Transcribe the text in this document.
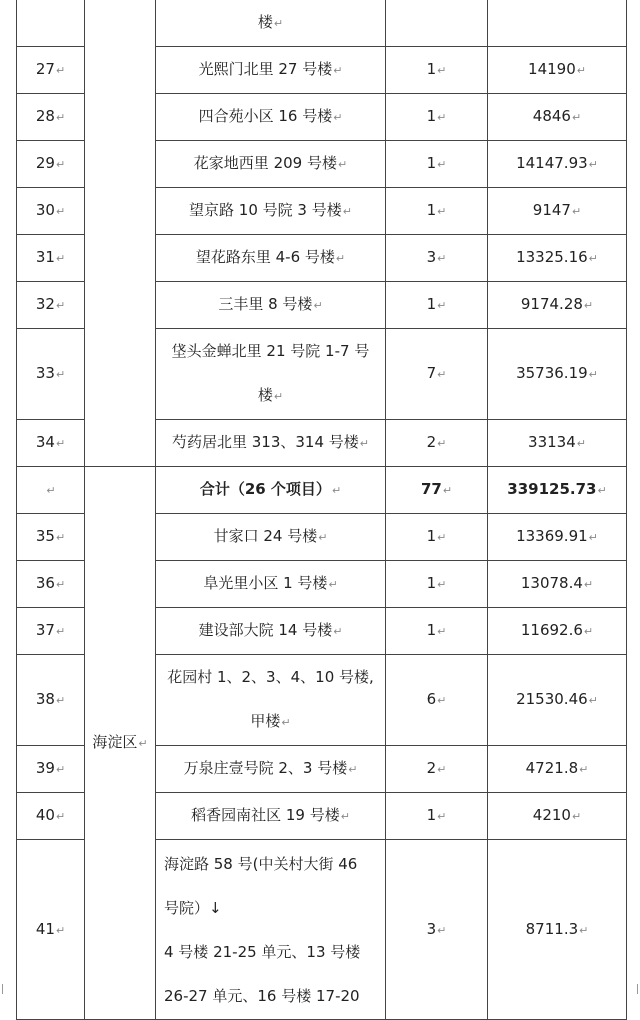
		楼↵		
27↵		光熙门北里 27 号楼↵	1↵	14190↵
28↵		四合苑小区 16 号楼↵	1↵	4846↵
29↵		花家地西里 209 号楼↵	1↵	14147.93↵
30↵		望京路 10 号院 3 号楼↵	1↵	9147↵
31↵		望花路东里 4-6 号楼↵	3↵	13325.16↵
32↵		三丰里 8 号楼↵	1↵	9174.28↵
33↵		垡头金蝉北里 21 号院 1-7 号
楼↵	7↵	35736.19↵
34↵		芍药居北里 313、314 号楼↵	2↵	33134↵
↵	海淀区↵	合计（26 个项目）↵	77↵	339125.73↵
35↵		甘家口 24 号楼↵	1↵	13369.91↵
36↵		阜光里小区 1 号楼↵	1↵	13078.4↵
37↵		建设部大院 14 号楼↵	1↵	11692.6↵
38↵		花园村 1、2、3、4、10 号楼,
甲楼↵	6↵	21530.46↵
39↵		万泉庄壹号院 2、3 号楼↵	2↵	4721.8↵
40↵		稻香园南社区 19 号楼↵	1↵	4210↵
41↵		海淀路 58 号(中关村大街 46
号院）↓
4 号楼 21-25 单元、13 号楼
26-27 单元、16 号楼 17-20	3↵	8711.3↵
